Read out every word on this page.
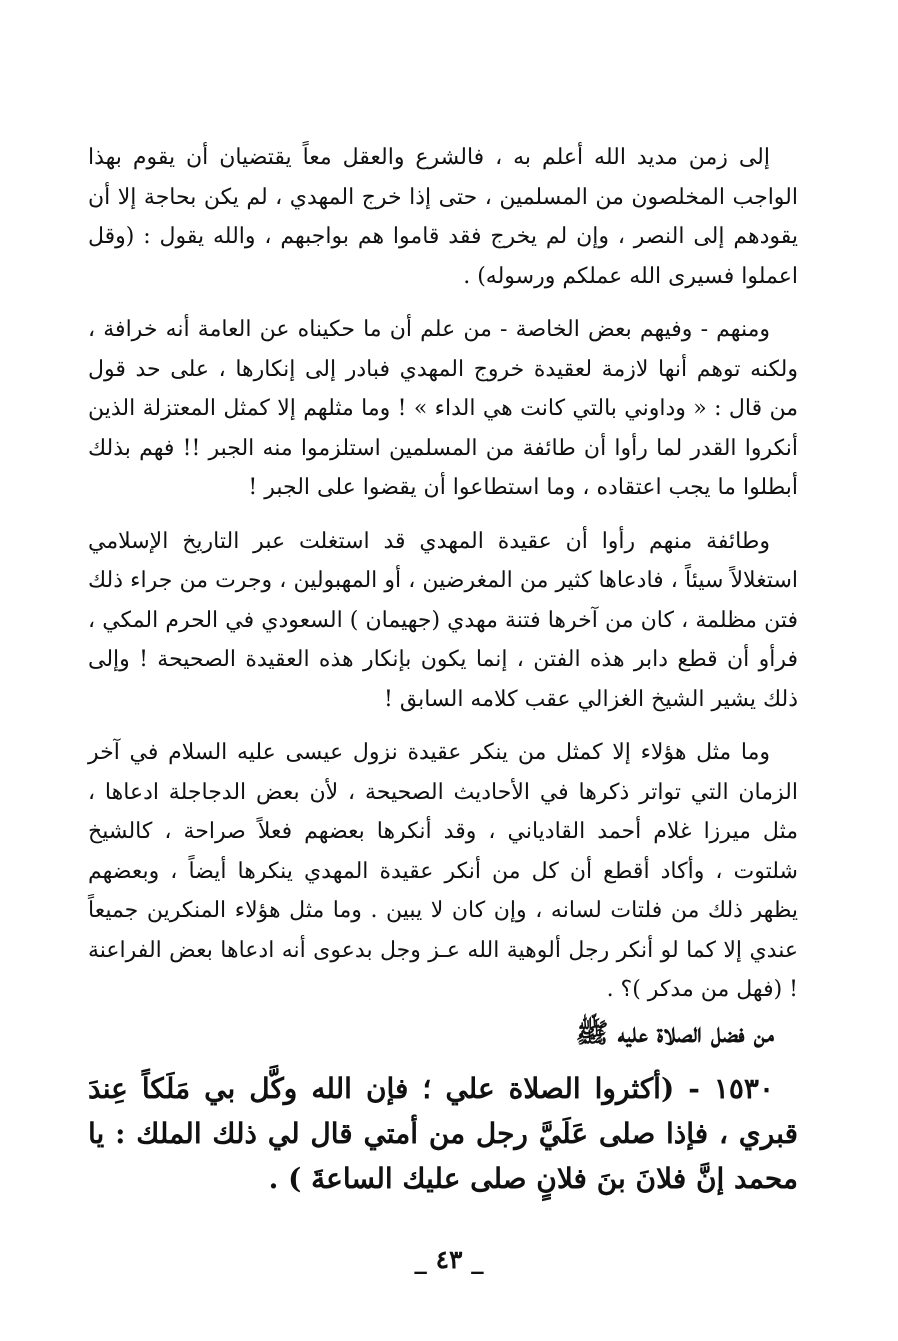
إلى زمن مديد الله أعلم به ، فالشرع والعقل معاً يقتضيان أن يقوم بهذا الواجب المخلصون من المسلمين ، حتى إذا خرج المهدي ، لم يكن بحاجة إلا أن يقودهم إلى النصر ، وإن لم يخرج فقد قاموا هم بواجبهم ، والله يقول : (وقل اعملوا فسيرى الله عملكم ورسوله) .

ومنهم - وفيهم بعض الخاصة - من علم أن ما حكيناه عن العامة أنه خرافة ، ولكنه توهم أنها لازمة لعقيدة خروج المهدي فبادر إلى إنكارها ، على حد قول من قال : « وداوني بالتي كانت هي الداء » ! وما مثلهم إلا كمثل المعتزلة الذين أنكروا القدر لما رأوا أن طائفة من المسلمين استلزموا منه الجبر !! فهم بذلك أبطلوا ما يجب اعتقاده ، وما استطاعوا أن يقضوا على الجبر !

وطائفة منهم رأوا أن عقيدة المهدي قد استغلت عبر التاريخ الإسلامي استغلالاً سيئاً ، فادعاها كثير من المغرضين ، أو المهبولين ، وجرت من جراء ذلك فتن مظلمة ، كان من آخرها فتنة مهدي (جهيمان ) السعودي في الحرم المكي ، فرأو أن قطع دابر هذه الفتن ، إنما يكون بإنكار هذه العقيدة الصحيحة ! وإلى ذلك يشير الشيخ الغزالي عقب كلامه السابق !

وما مثل هؤلاء إلا كمثل من ينكر عقيدة نزول عيسى عليه السلام في آخر الزمان التي تواتر ذكرها في الأحاديث الصحيحة ، لأن بعض الدجاجلة ادعاها ، مثل ميرزا غلام أحمد القادياني ، وقد أنكرها بعضهم فعلاً صراحة ، كالشيخ شلتوت ، وأكاد أقطع أن كل من أنكر عقيدة المهدي ينكرها أيضاً ، وبعضهم يظهر ذلك من فلتات لسانه ، وإن كان لا يبين . وما مثل هؤلاء المنكرين جميعاً عندي إلا كما لو أنكر رجل ألوهية الله عـز وجل بدعوى أنه ادعاها بعض الفراعنة ! (فهل من مدكر )؟ .

من فضل الصلاة عليه ﷺ

١٥٣٠ - (أكثروا الصلاة علي ؛ فإن الله وكَّل بي مَلَكاً عِندَ قبري ، فإذا صلى عَلَيَّ رجل من أمتي قال لي ذلك الملك : يا محمد إنَّ فلانَ بنَ فلانٍ صلى عليك الساعةَ ) .

_ ٤٣ _
